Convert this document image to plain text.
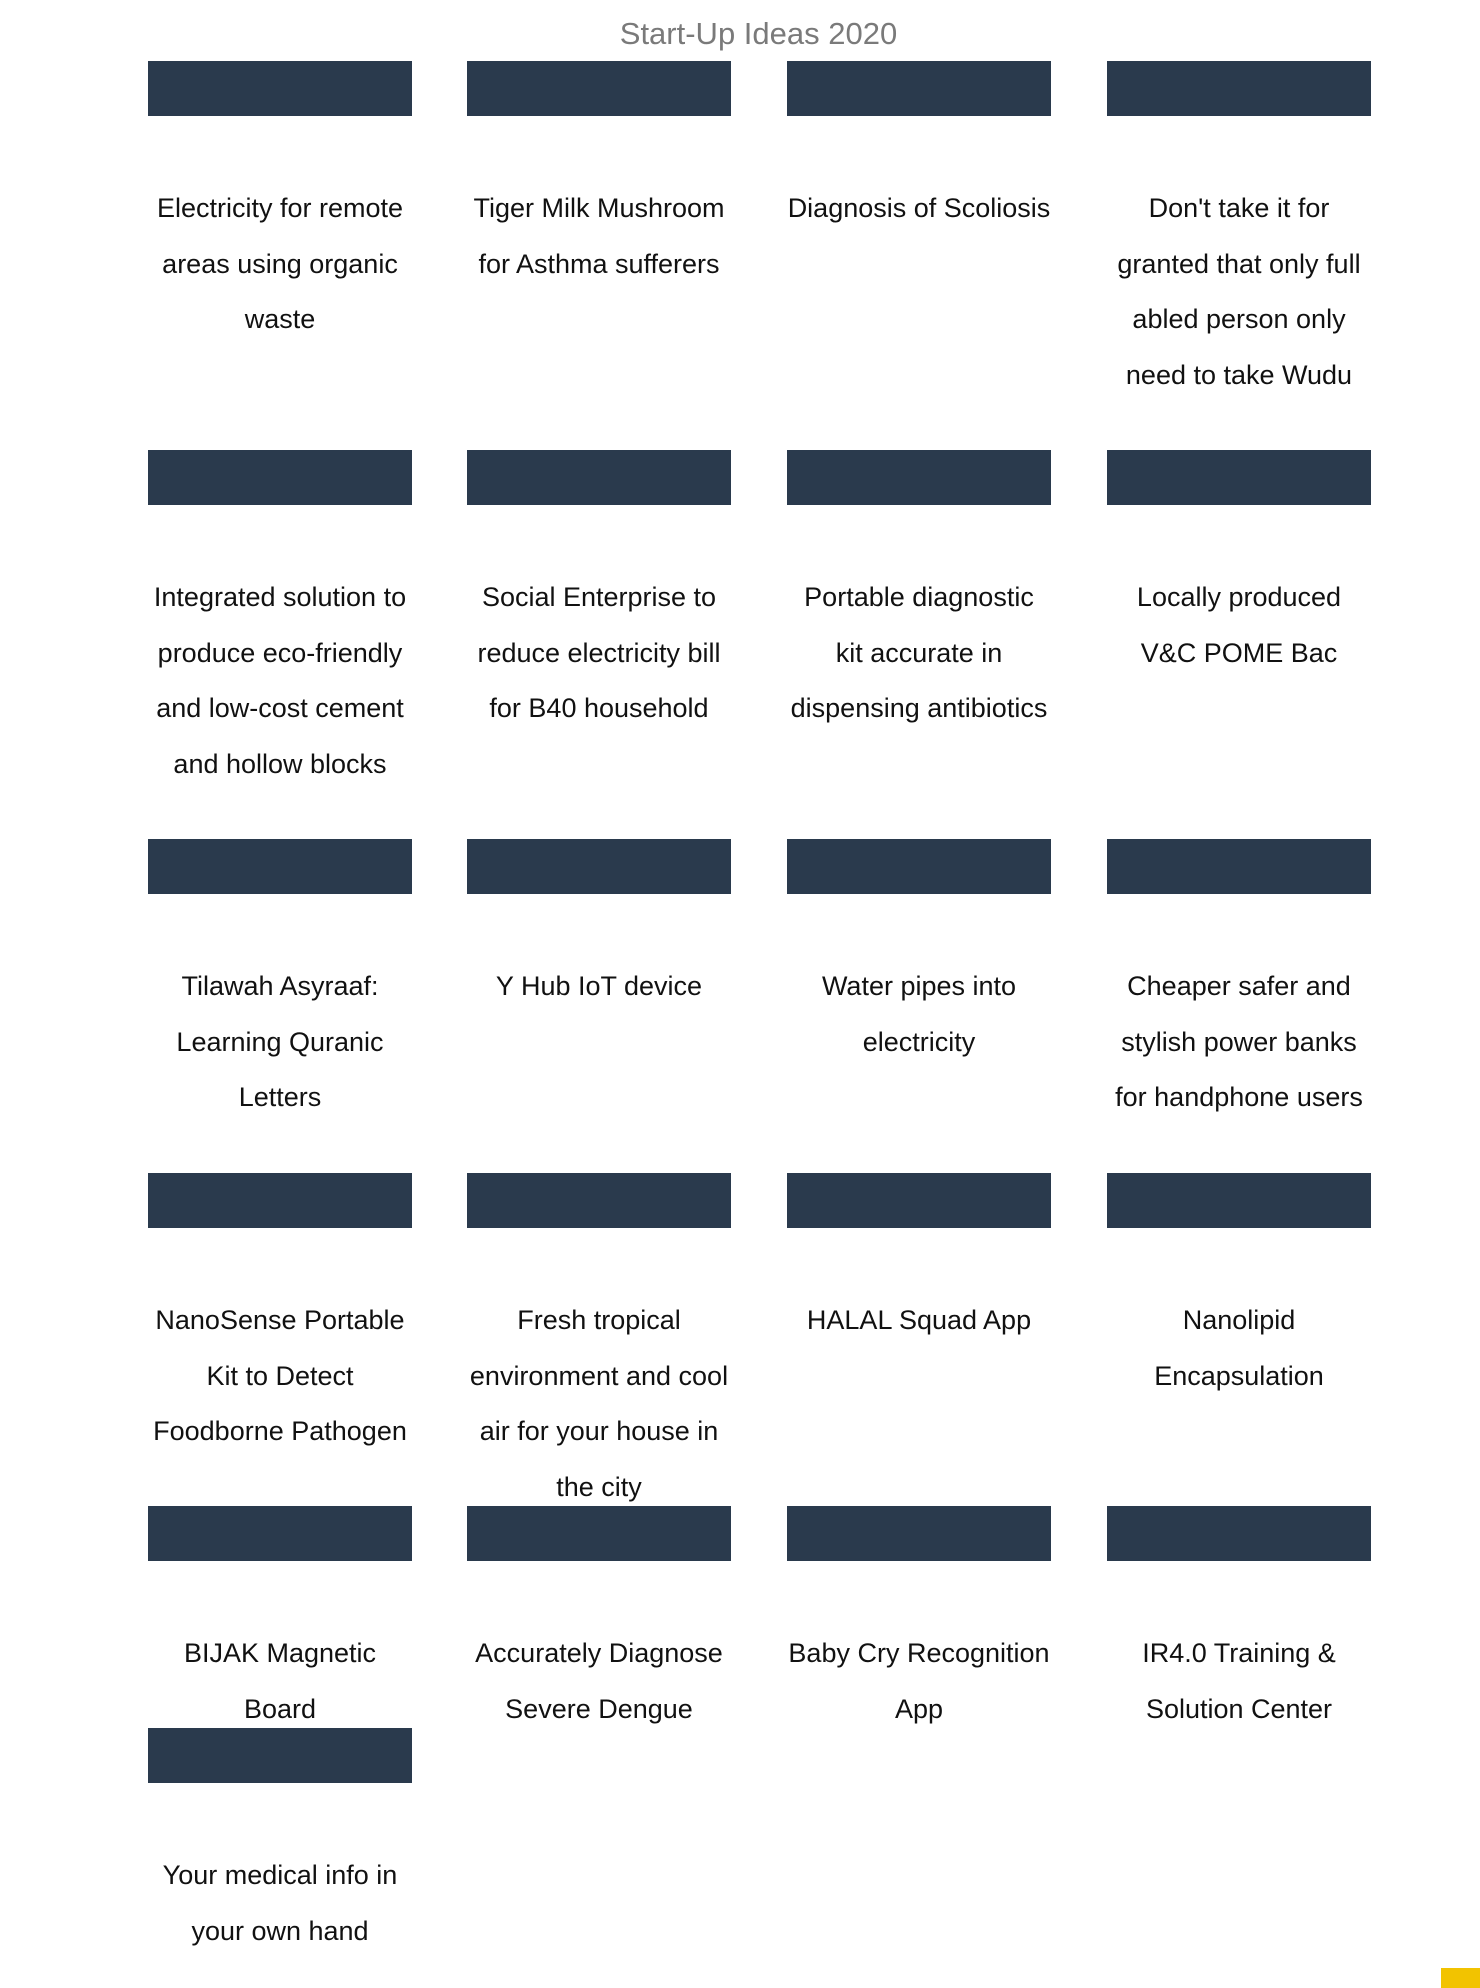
Start-Up Ideas 2020
Electricity for remote areas using organic waste
Tiger Milk Mushroom for Asthma sufferers
Diagnosis of Scoliosis	Don't take it for granted that only full abled person only need to take Wudu
Integrated solution to produce eco-friendly and low-cost cement and hollow blocks
Social Enterprise to reduce electricity bill for B40 household
Portable diagnostic kit accurate in dispensing antibiotics
Locally produced V&C POME Bac
Tilawah Asyraaf: Learning Quranic Letters
Y Hub IoT device	Water pipes into electricity
Cheaper safer and stylish power banks for handphone users
NanoSense Portable Kit to Detect Foodborne Pathogen
Fresh tropical environment and cool air for your house in the city
HALAL Squad App	Nanolipid Encapsulation
BIJAK Magnetic Board
Accurately Diagnose Severe Dengue
Baby Cry Recognition App
IR4.0 Training & Solution Center
Your medical info in your own hand
